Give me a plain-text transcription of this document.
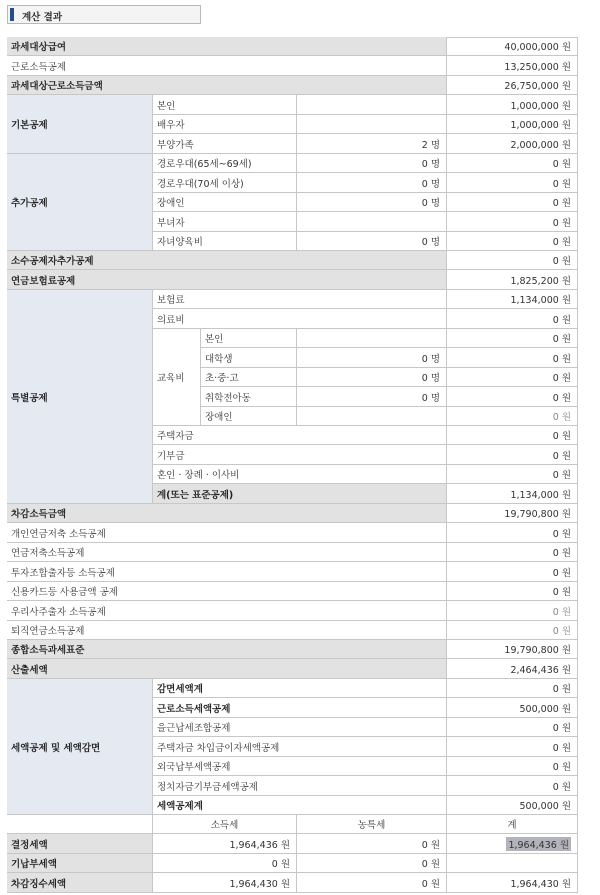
계산 결과
과세대상급여	40,000,000 원
근로소득공제	13,250,000 원
과세대상근로소득금액	26,750,000 원
기본공제
본인	1,000,000 원
배우자	1,000,000 원
부양가족	2 명	2,000,000 원
추가공제
경로우대(65세~69세)	0 명	0 원
경로우대(70세 이상)	0 명	0 원
장애인	0 명	0 원
부녀자	0 원
자녀양육비	0 명	0 원
소수공제자추가공제	0 원
연금보험료공제	1,825,200 원
특별공제
보험료	1,134,000 원
의료비	0 원
교육비
본인	0 원
대학생	0 명	0 원
초·중·고	0 명	0 원
취학전아동	0 명	0 원
장애인	0 원
주택자금	0 원
기부금	0 원
혼인 · 장례 · 이사비	0 원
계(또는 표준공제)	1,134,000 원
차감소득금액	19,790,800 원
개인연금저축 소득공제	0 원
연금저축소득공제	0 원
투자조합출자등 소득공제	0 원
신용카드등 사용금액 공제	0 원
우리사주출자 소득공제	0 원
퇴직연금소득공제	0 원
종합소득과세표준	19,790,800 원
산출세액	2,464,436 원
세액공제 및 세액감면
감면세액계	0 원
근로소득세액공제	500,000 원
을근납세조합공제	0 원
주택자금 차입금이자세액공제	0 원
외국납부세액공제	0 원
정치자금기부금세액공제	0 원
세액공제계	500,000 원
소득세	농특세	계
결정세액	1,964,436 원	0 원	1,964,436 원
기납부세액	0 원	0 원
차감징수세액	1,964,430 원	0 원	1,964,430 원
